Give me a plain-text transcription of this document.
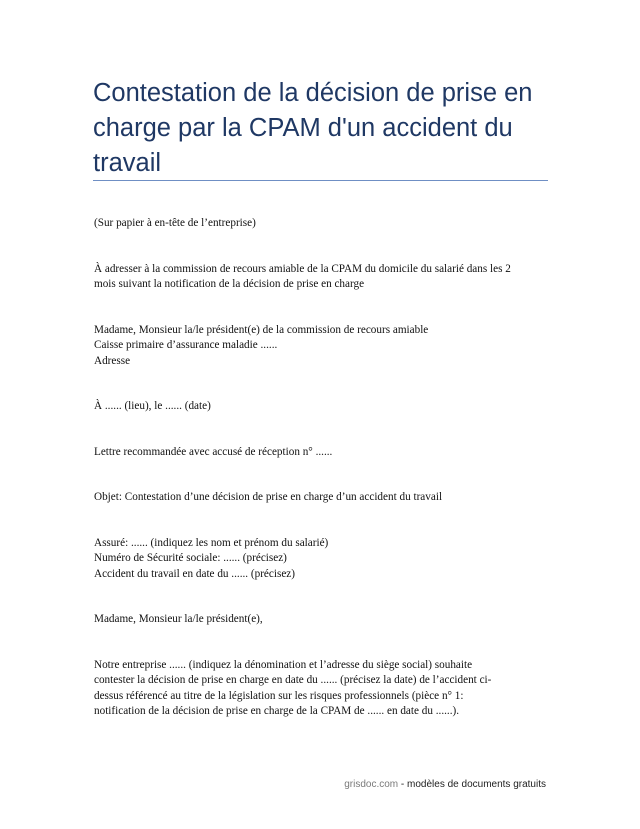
Contestation de la décision de prise en
charge par la CPAM d'un accident du
travail

(Sur papier à en-tête de l’entreprise)

À adresser à la commission de recours amiable de la CPAM du domicile du salarié dans les 2
mois suivant la notification de la décision de prise en charge

Madame, Monsieur la/le président(e) de la commission de recours amiable
Caisse primaire d’assurance maladie ......
Adresse

À ...... (lieu), le ...... (date)

Lettre recommandée avec accusé de réception n° ......

Objet: Contestation d’une décision de prise en charge d’un accident du travail

Assuré: ...... (indiquez les nom et prénom du salarié)
Numéro de Sécurité sociale: ...... (précisez)
Accident du travail en date du ...... (précisez)

Madame, Monsieur la/le président(e),

Notre entreprise ...... (indiquez la dénomination et l’adresse du siège social) souhaite
contester la décision de prise en charge en date du ...... (précisez la date) de l’accident ci-
dessus référencé au titre de la législation sur les risques professionnels (pièce n° 1:
notification de la décision de prise en charge de la CPAM de ...... en date du ......).

grisdoc.com - modèles de documents gratuits
